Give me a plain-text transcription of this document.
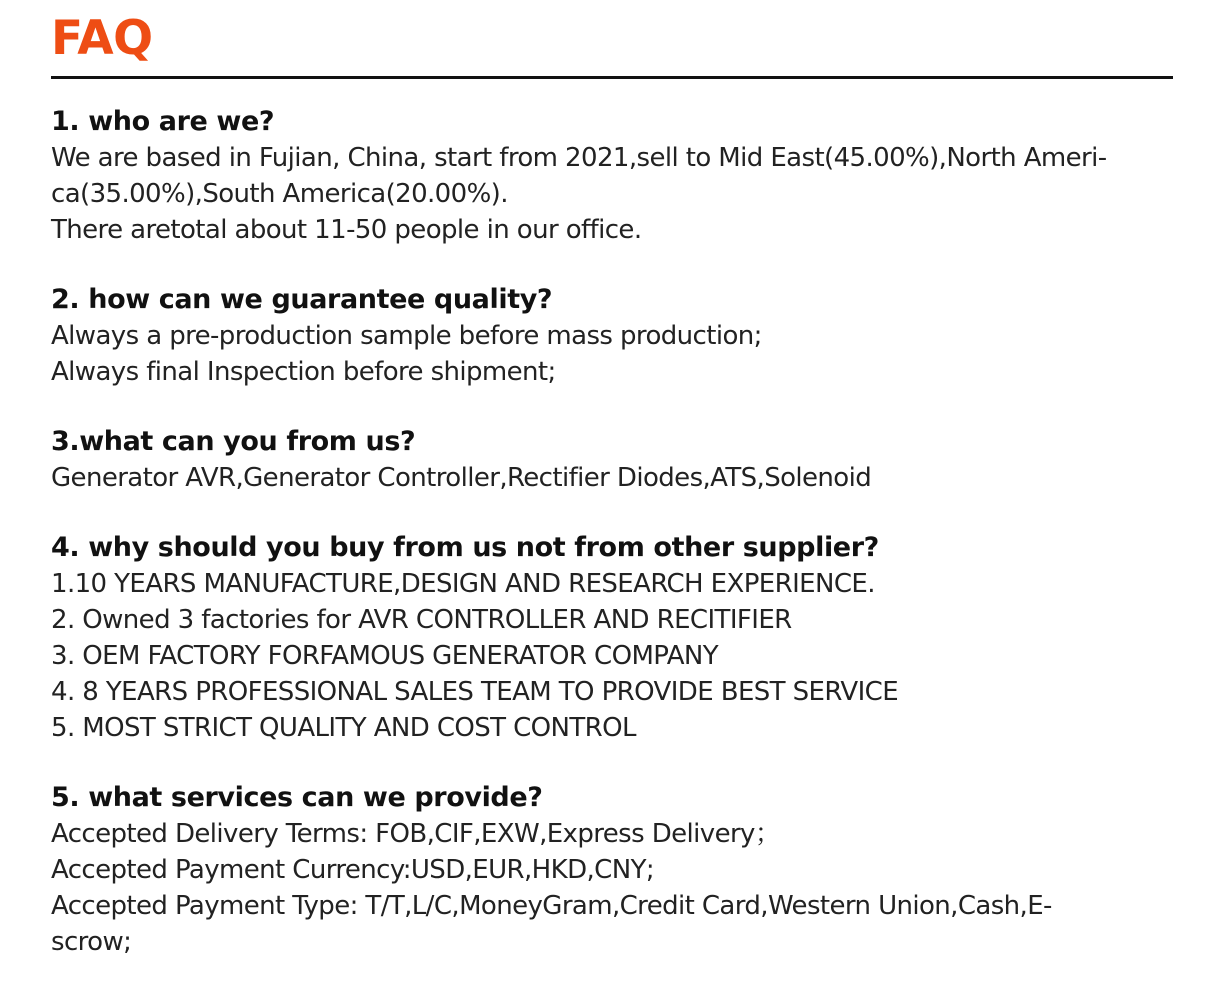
FAQ
1. who are we?

We are based in Fujian, China, start from 2021,sell to Mid East(45.00%),North Ameri-

ca(35.00%),South America(20.00%).

There aretotal about 11-50 people in our office.

2. how can we guarantee quality?

Always a pre-production sample before mass production;

Always final Inspection before shipment;

3.what can you from us?

Generator AVR,Generator Controller,Rectifier Diodes,ATS,Solenoid

4. why should you buy from us not from other supplier?

1.10 YEARS MANUFACTURE,DESIGN AND RESEARCH EXPERIENCE.

2. Owned 3 factories for AVR CONTROLLER AND RECITIFIER

3. OEM FACTORY FORFAMOUS GENERATOR COMPANY

4. 8 YEARS PROFESSIONAL SALES TEAM TO PROVIDE BEST SERVICE

5. MOST STRICT QUALITY AND COST CONTROL

5. what services can we provide?

Accepted Delivery Terms: FOB,CIF,EXW,Express Delivery；

Accepted Payment Currency:USD,EUR,HKD,CNY;

Accepted Payment Type: T/T,L/C,MoneyGram,Credit Card,Western Union,Cash,E-

scrow;
